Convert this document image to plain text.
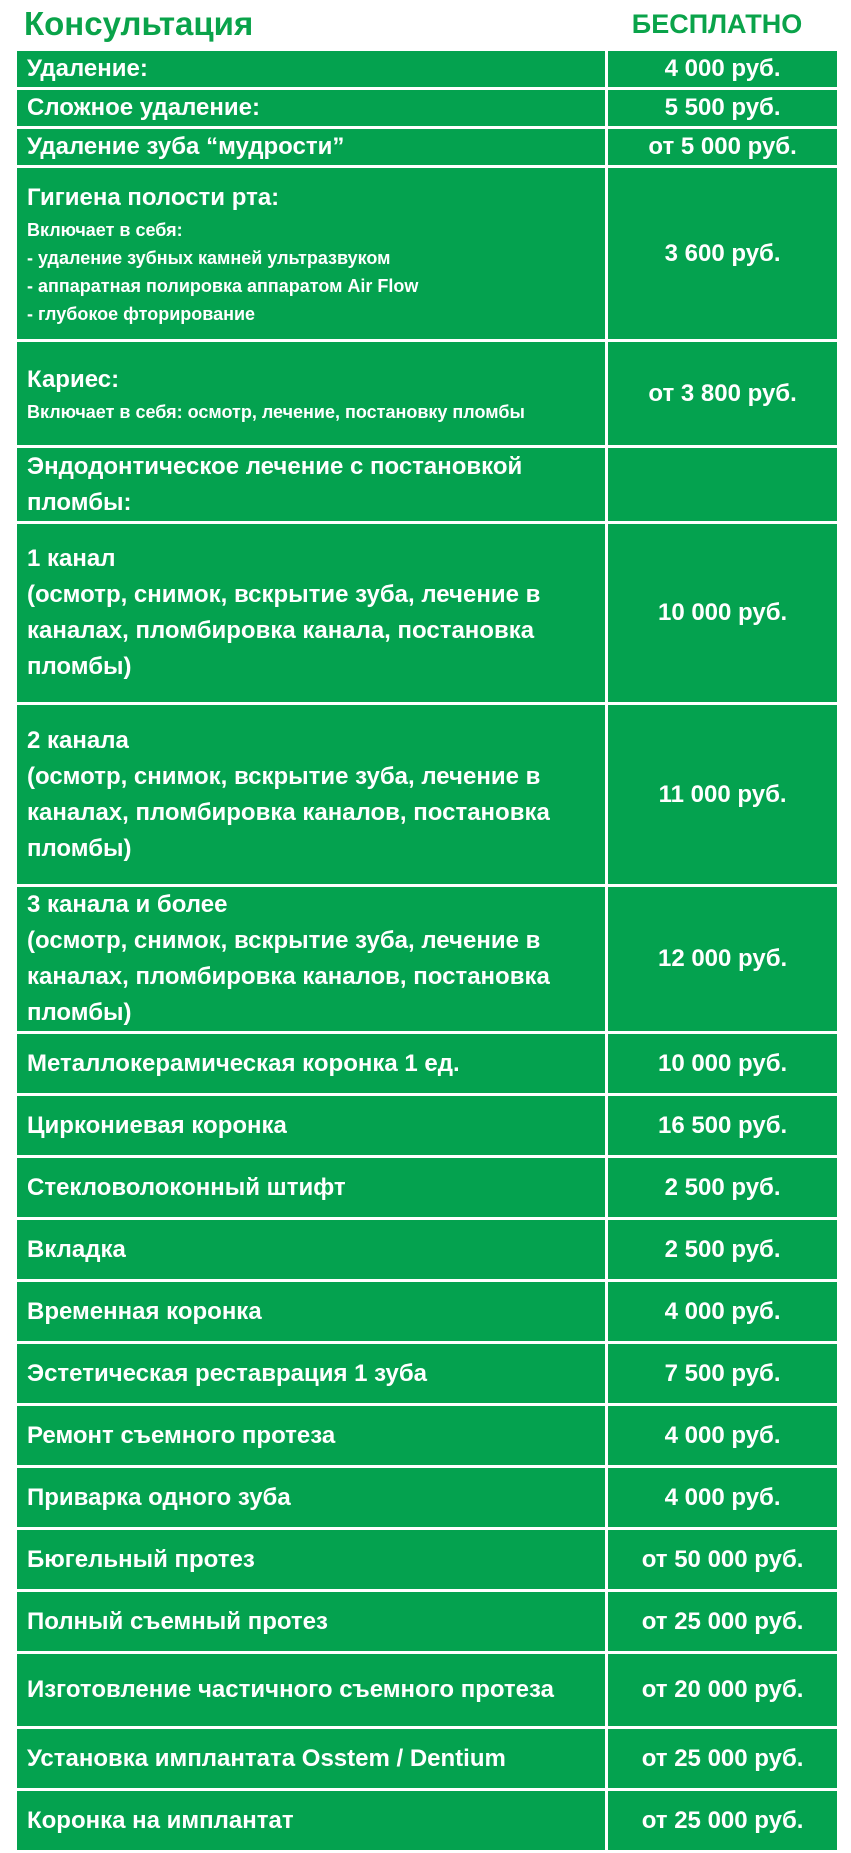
Консультация	БЕСПЛАТНО
Удаление:	4 000 руб.
Сложное удаление:	5 500 руб.
Удаление зуба “мудрости”	от 5 000 руб.

Гигиена полости рта:
Включает в себя:
- удаление зубных камней ультразвуком
- аппаратная полировка аппаратом Air Flow
- глубокое фторирование	3 600 руб.

Кариес:
Включает в себя: осмотр, лечение, постановку пломбы	от 3 800 руб.
Эндодонтическое лечение с постановкой пломбы:	

1 канал
(осмотр, снимок, вскрытие зуба, лечение в каналах, пломбировка канала, постановка пломбы)	10 000 руб.

2 канала
(осмотр, снимок, вскрытие зуба, лечение в каналах, пломбировка каналов, постановка пломбы)	11 000 руб.

3 канала и более
(осмотр, снимок, вскрытие зуба, лечение в каналах, пломбировка каналов, постановка пломбы)	12 000 руб.
Металлокерамическая коронка 1 ед.	10 000 руб.
Циркониевая коронка	16 500 руб.
Стекловолоконный штифт	2 500 руб.
Вкладка	2 500 руб.
Временная коронка	4 000 руб.
Эстетическая реставрация 1 зуба	7 500 руб.
Ремонт съемного протеза	4 000 руб.
Приварка одного зуба	4 000 руб.
Бюгельный протез	от 50 000 руб.
Полный съемный протез	от 25 000 руб.
Изготовление частичного съемного протеза	от 20 000 руб.
Установка имплантата Osstem / Dentium	от 25 000 руб.
Коронка на имплантат	от 25 000 руб.
